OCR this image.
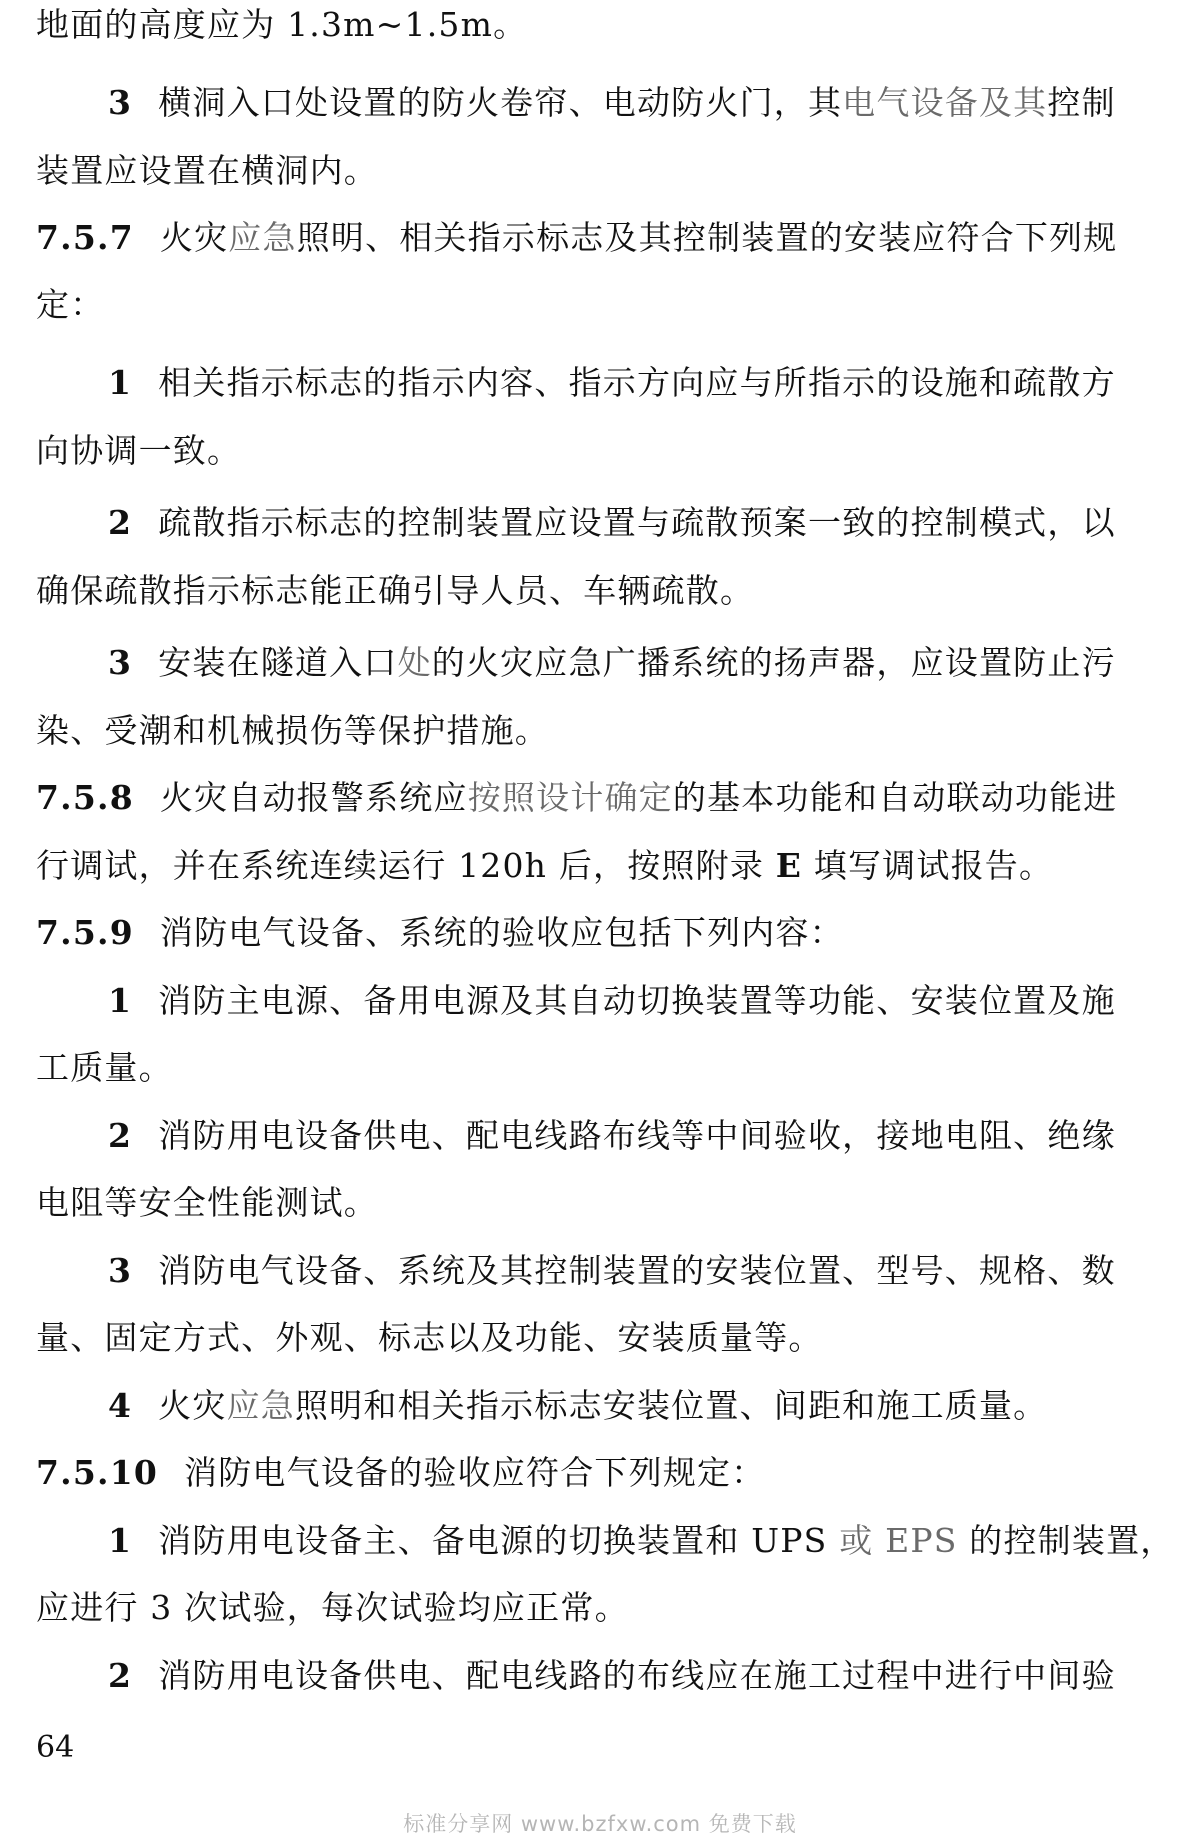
地面的高度应为 1.3m~1.5m。
3 横洞入口处设置的防火卷帘、电动防火门，其电气设备及其控制
装置应设置在横洞内。
7.5.7 火灾应急照明、相关指示标志及其控制装置的安装应符合下列规
定：
1 相关指示标志的指示内容、指示方向应与所指示的设施和疏散方
向协调一致。
2 疏散指示标志的控制装置应设置与疏散预案一致的控制模式，以
确保疏散指示标志能正确引导人员、车辆疏散。
3 安装在隧道入口处的火灾应急广播系统的扬声器，应设置防止污
染、受潮和机械损伤等保护措施。
7.5.8 火灾自动报警系统应按照设计确定的基本功能和自动联动功能进
行调试，并在系统连续运行 120h 后，按照附录 E 填写调试报告。
7.5.9 消防电气设备、系统的验收应包括下列内容：
1 消防主电源、备用电源及其自动切换装置等功能、安装位置及施
工质量。
2 消防用电设备供电、配电线路布线等中间验收，接地电阻、绝缘
电阻等安全性能测试。
3 消防电气设备、系统及其控制装置的安装位置、型号、规格、数
量、固定方式、外观、标志以及功能、安装质量等。
4 火灾应急照明和相关指示标志安装位置、间距和施工质量。
7.5.10 消防电气设备的验收应符合下列规定：
1 消防用电设备主、备电源的切换装置和 UPS 或 EPS 的控制装置，
应进行 3 次试验，每次试验均应正常。
2 消防用电设备供电、配电线路的布线应在施工过程中进行中间验
64
标准分享网 www.bzfxw.com 免费下载
